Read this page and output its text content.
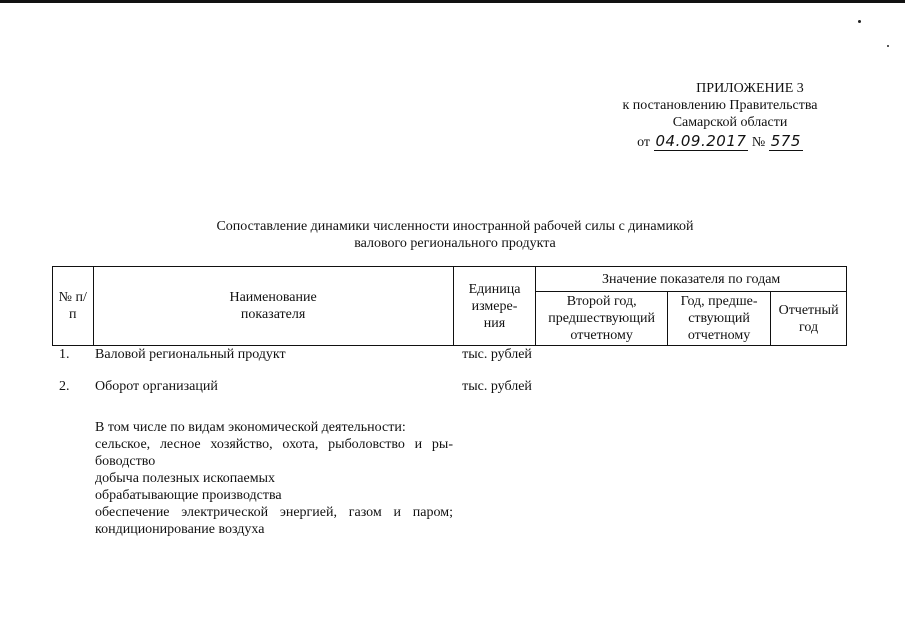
ПРИЛОЖЕНИЕ 3
к постановлению Правительства
Самарской области
от 04.09.2017 № 575
Сопоставление динамики численности иностранной рабочей силы с динамикой
валового регионального продукта
№ п/п	Наименование показателя	Единица измере-ния	Значение показателя по годам		

			Второй год, предшествующий отчетному	Год, предше-ствующий отчетному	Отчетный год
1. Валовой региональный продукт	тыс. рублей
2. Оборот организаций	тыс. рублей
В том числе по видам экономической деятельности:
сельское, лесное хозяйство, охота, рыболовство и ры-боводство
добыча полезных ископаемых
обрабатывающие производства
обеспечение электрической энергией, газом и паром; кондиционирование воздуха
